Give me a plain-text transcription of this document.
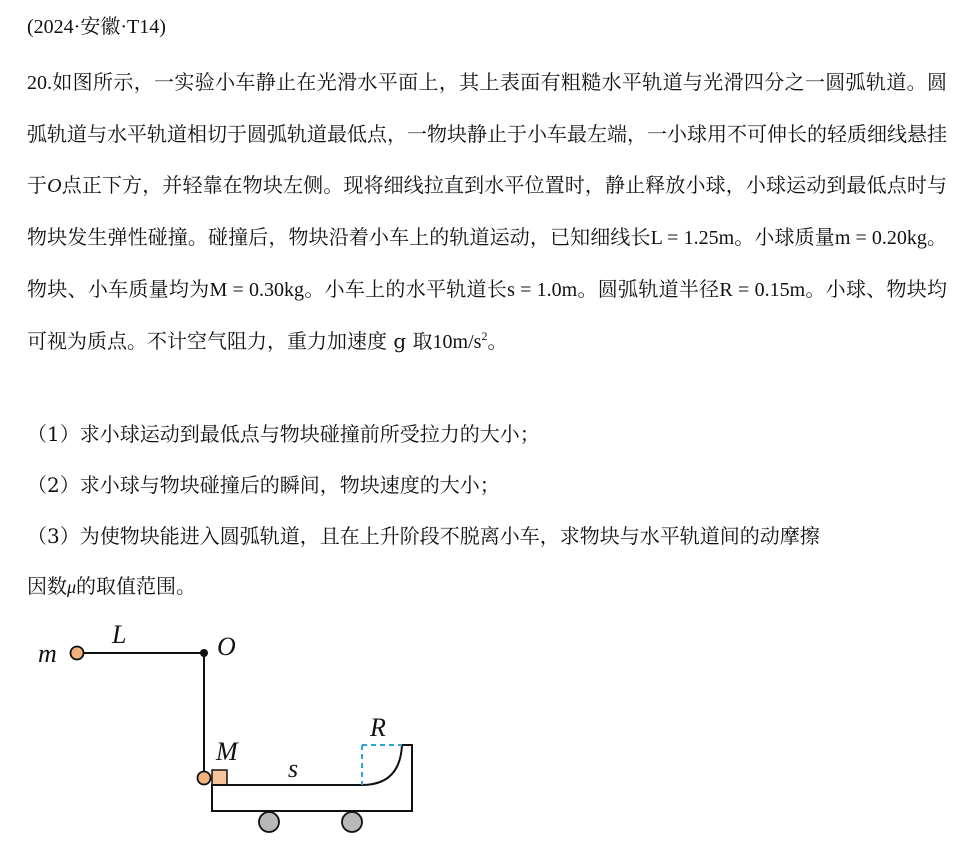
(2024·安徽·T14)
20.如图所示，一实验小车静止在光滑水平面上，其上表面有粗糙水平轨道与光滑四分之一圆弧轨道。圆弧轨道与水平轨道相切于圆弧轨道最低点，一物块静止于小车最左端，一小球用不可伸长的轻质细线悬挂于O点正下方，并轻靠在物块左侧。现将细线拉直到水平位置时，静止释放小球，小球运动到最低点时与物块发生弹性碰撞。碰撞后，物块沿着小车上的轨道运动，已知细线长L = 1.25m。小球质量m = 0.20kg。物块、小车质量均为M = 0.30kg。小车上的水平轨道长s = 1.0m。圆弧轨道半径R = 0.15m。小球、物块均可视为质点。不计空气阻力，重力加速度 g 取$10m/s^2$。
（1）求小球运动到最低点与物块碰撞前所受拉力的大小；
（2）求小球与物块碰撞后的瞬间，物块速度的大小；
（3）为使物块能进入圆弧轨道，且在上升阶段不脱离小车，求物块与水平轨道间的动摩擦
因数μ的取值范围。
m
L	O
M
s
R
